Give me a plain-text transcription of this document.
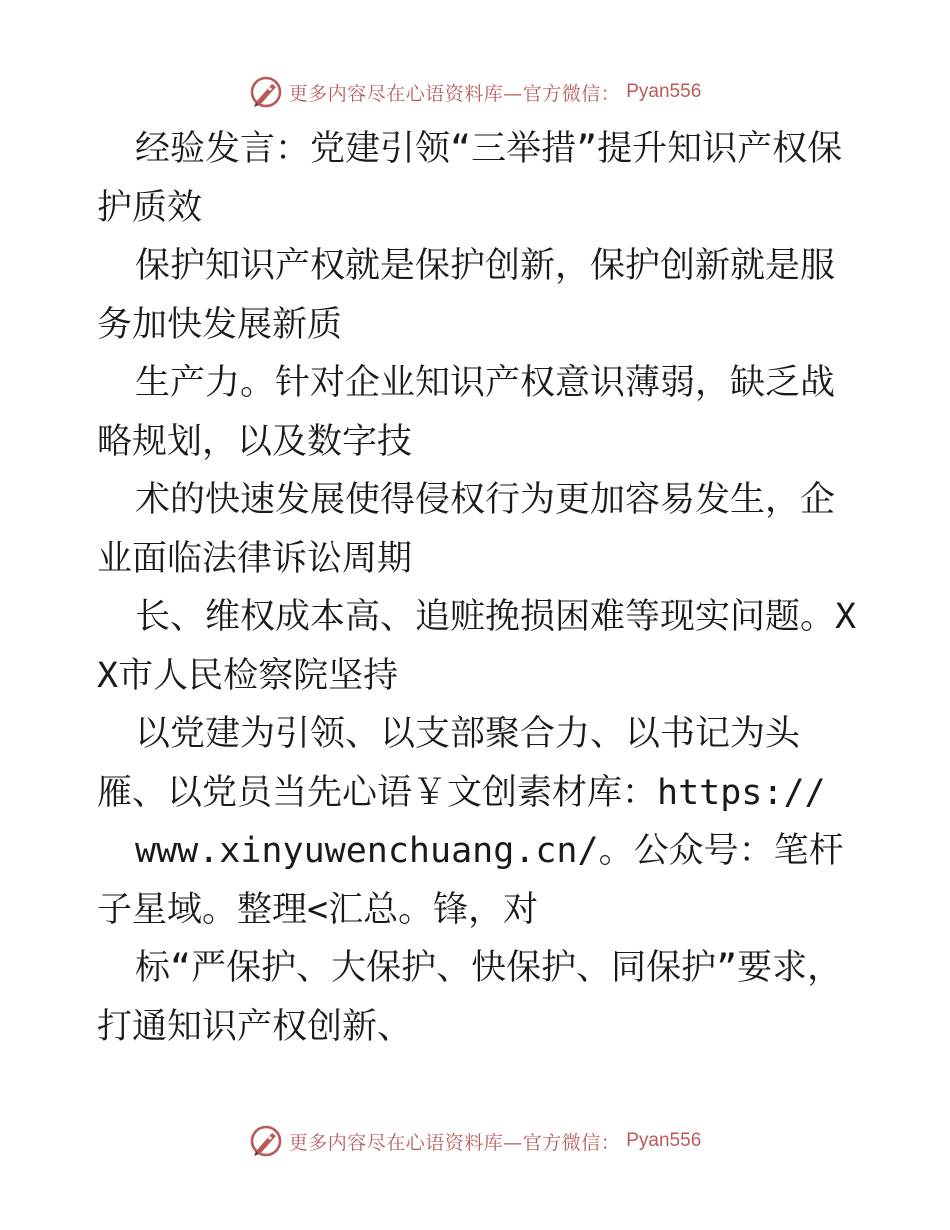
更多内容尽在心语资料库—官方微信： Pyan556

经验发言：党建引领“三举措”提升知识产权保护质效

保护知识产权就是保护创新，保护创新就是服务加快发展新质

生产力。针对企业知识产权意识薄弱，缺乏战略规划，以及数字技

术的快速发展使得侵权行为更加容易发生，企业面临法律诉讼周期

长、维权成本高、追赃挽损困难等现实问题。XX市人民检察院坚持

以党建为引领、以支部聚合力、以书记为头雁、以党员当先心语￥文创素材库：https://

www.xinyuwenchuang.cn/。公众号：笔杆子星域。整理<汇总。锋，对

标“严保护、大保护、快保护、同保护”要求，打通知识产权创新、

更多内容尽在心语资料库—官方微信： Pyan556
